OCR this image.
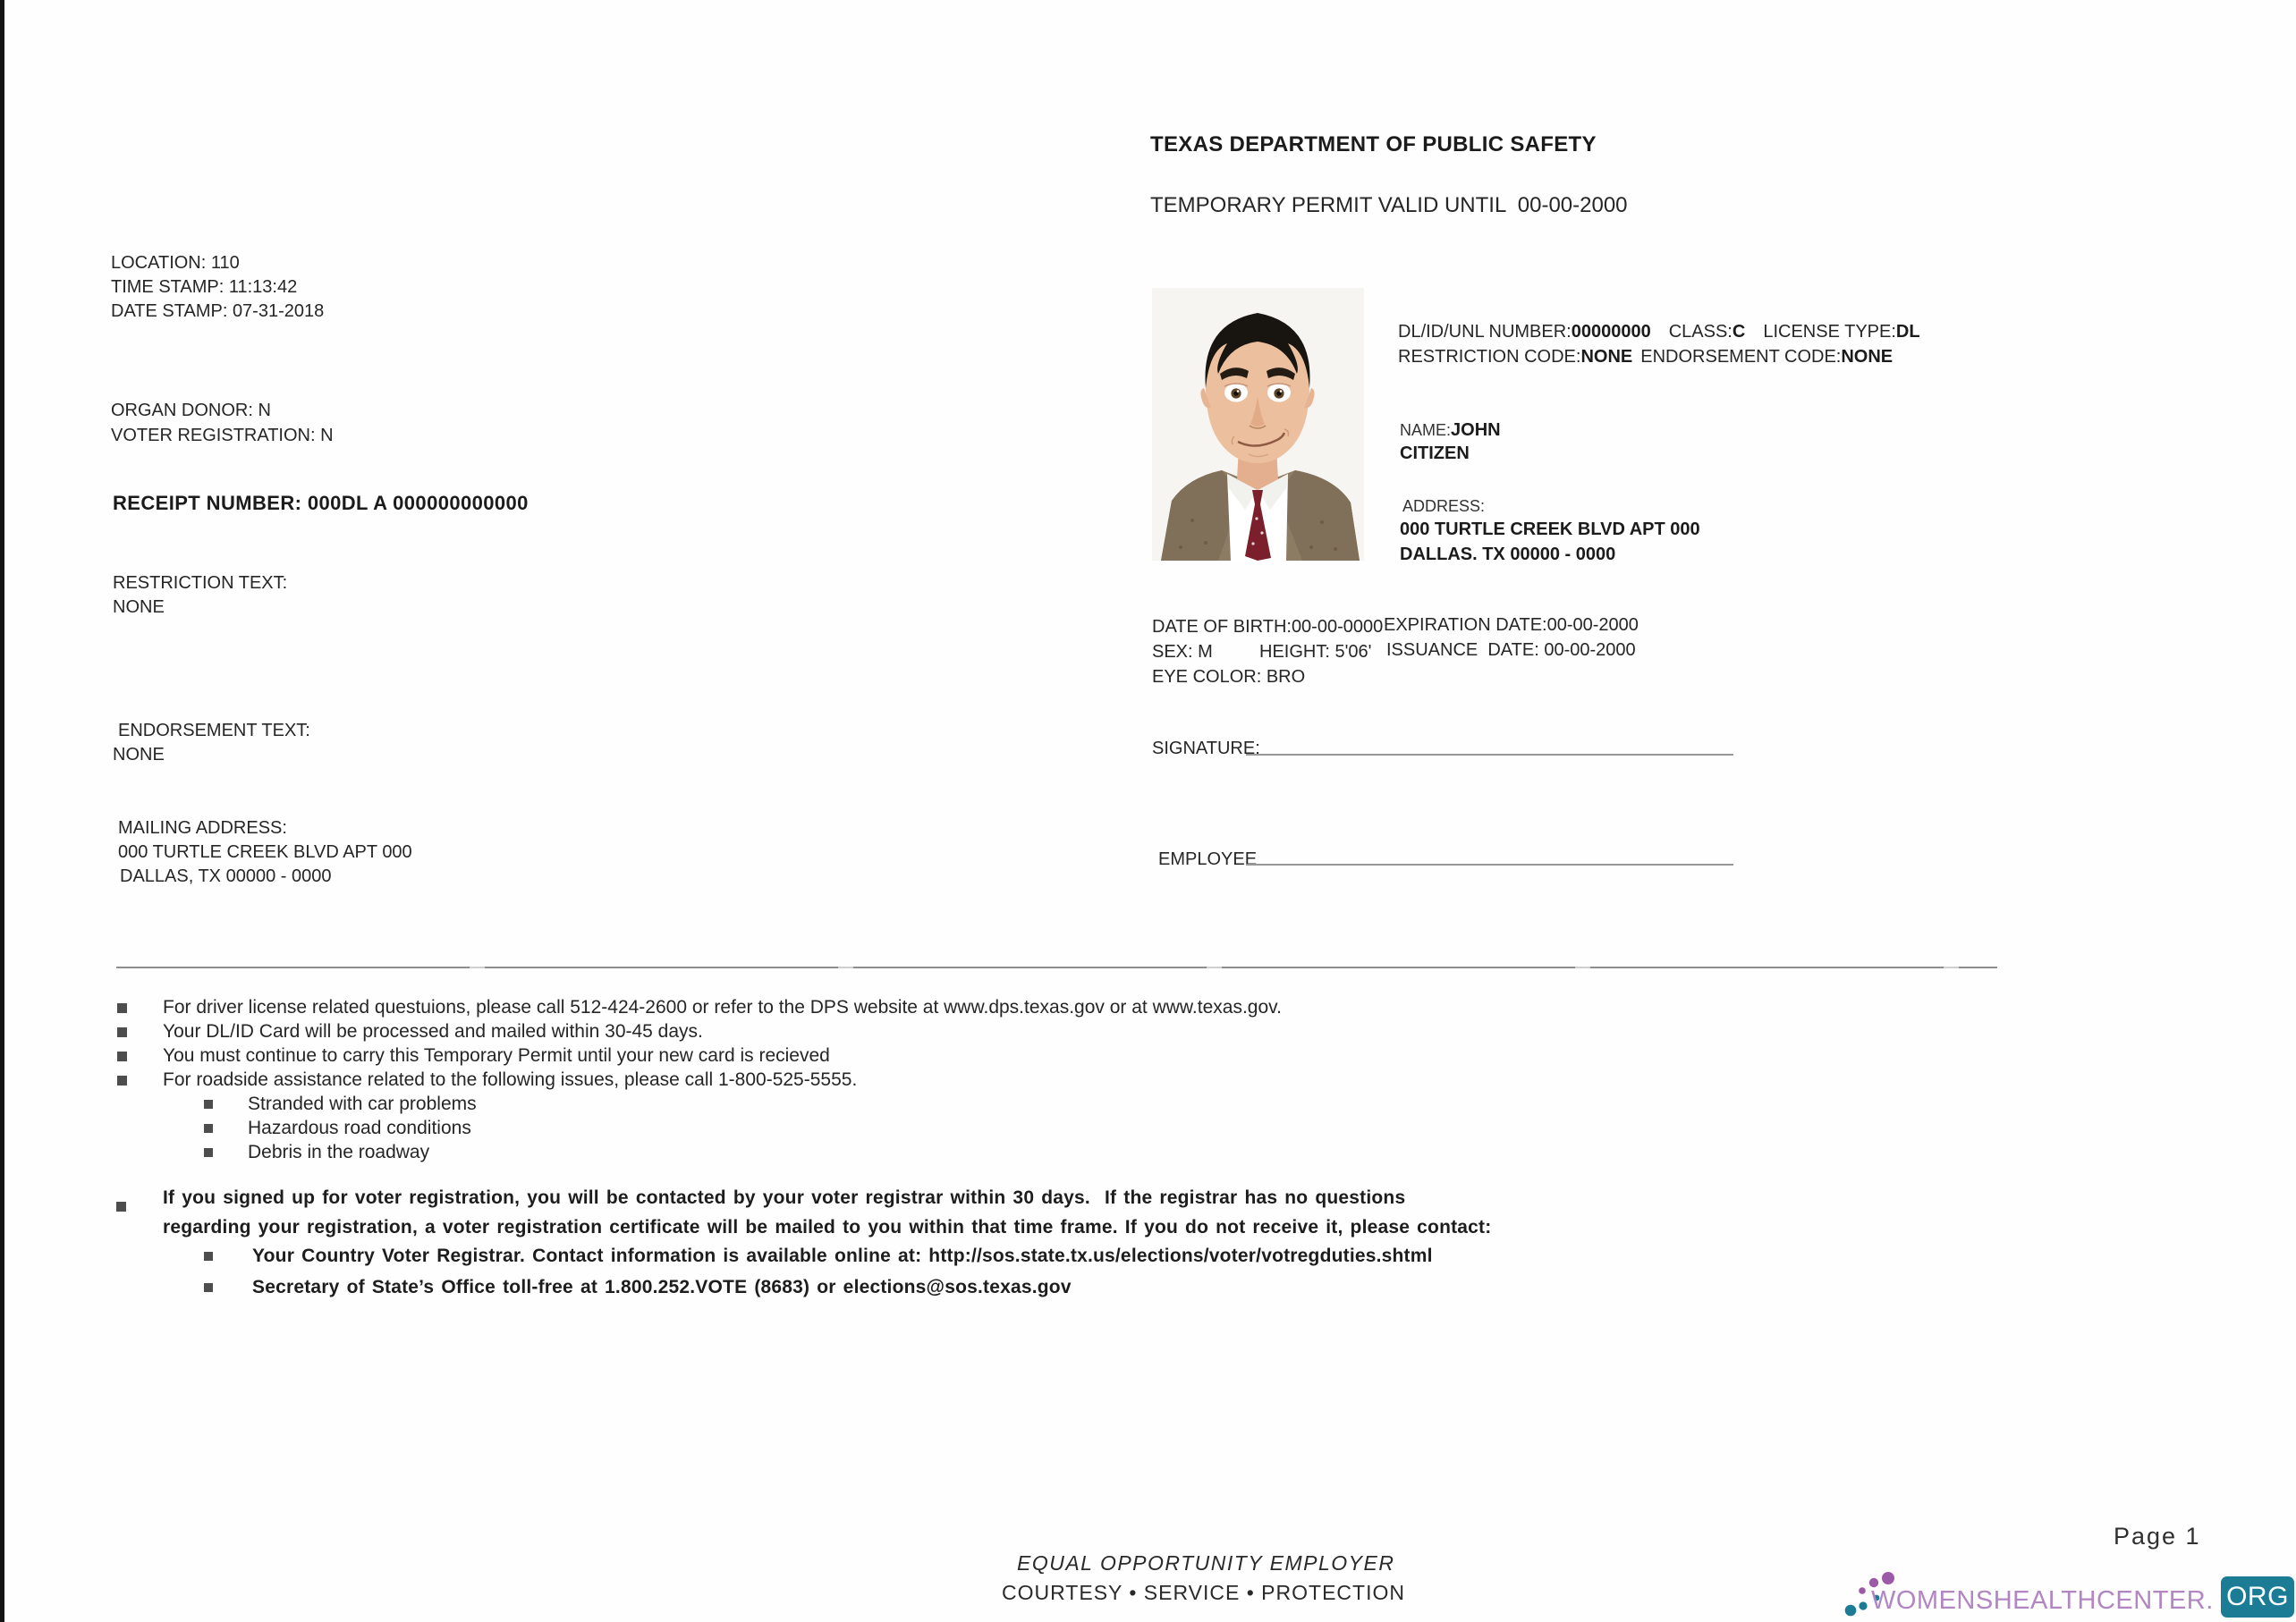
TEXAS DEPARTMENT OF PUBLIC SAFETY
TEMPORARY PERMIT VALID UNTIL  00-00-2000
LOCATION: 110
TIME STAMP: 11:13:42
DATE STAMP: 07-31-2018
ORGAN DONOR: N
VOTER REGISTRATION: N
RECEIPT NUMBER: 000DL A 000000000000
RESTRICTION TEXT:
NONE
ENDORSEMENT TEXT:
NONE
MAILING ADDRESS:
000 TURTLE CREEK BLVD APT 000
DALLAS, TX 00000 - 0000
DL/ID/UNL NUMBER:00000000 CLASS:C LICENSE TYPE:DL
RESTRICTION CODE:NONE ENDORSEMENT CODE:NONE
NAME:JOHN
CITIZEN
ADDRESS:
000 TURTLE CREEK BLVD APT 000
DALLAS. TX 00000 - 0000
DATE OF BIRTH:00-00-0000 EXPIRATION DATE:00-00-2000
SEX: M	HEIGHT: 5'06' ISSUANCE  DATE: 00-00-2000
EYE COLOR: BRO
SIGNATURE:
EMPLOYEE
For driver license related questuions, please call 512-424-2600 or refer to the DPS website at www.dps.texas.gov or at www.texas.gov.
Your DL/ID Card will be processed and mailed within 30-45 days.
You must continue to carry this Temporary Permit until your new card is recieved
For roadside assistance related to the following issues, please call 1-800-525-5555.
Stranded with car problems
Hazardous road conditions
Debris in the roadway
If you signed up for voter registration, you will be contacted by your voter registrar within 30 days.  If the registrar has no questions
regarding your registration, a voter registration certificate will be mailed to you within that time frame. If you do not receive it, please contact:
Your Country Voter Registrar. Contact information is available online at: http://sos.state.tx.us/elections/voter/votregduties.shtml
Secretary of State’s Office toll-free at 1.800.252.VOTE (8683) or elections@sos.texas.gov
EQUAL OPPORTUNITY EMPLOYER
COURTESY • SERVICE • PROTECTION
Page 1

WOMENSHEALTHCENTER. ORG
